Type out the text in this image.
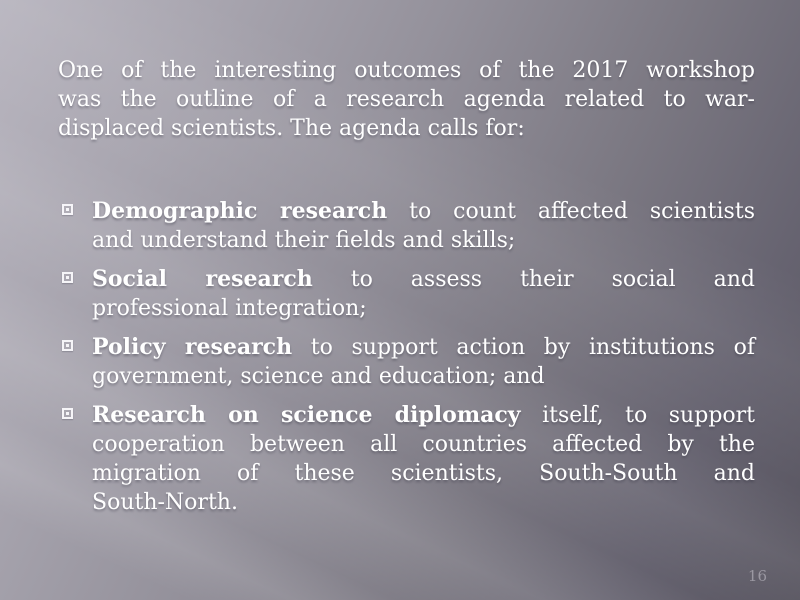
One of the interesting outcomes of the 2017 workshop
was the outline of a research agenda related to war-
displaced scientists. The agenda calls for:
Demographic research to count affected scientists
and understand their fields and skills;
Social research to assess their social and
professional integration;
Policy research to support action by institutions of
government, science and education; and
Research on science diplomacy itself, to support
cooperation between all countries affected by the
migration of these scientists, South-South and
South-North.
16
